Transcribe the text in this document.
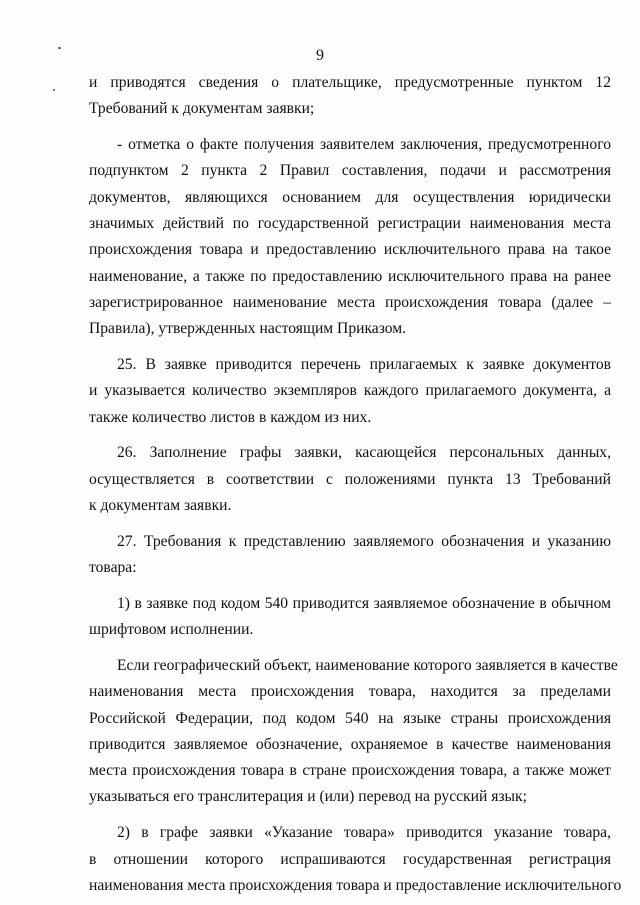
9
и приводятся сведения о плательщике, предусмотренные пунктом 12
Требований к документам заявки;
- отметка о факте получения заявителем заключения, предусмотренного
подпунктом 2 пункта 2 Правил составления, подачи и рассмотрения
документов, являющихся основанием для осуществления юридически
значимых действий по государственной регистрации наименования места
происхождения товара и предоставлению исключительного права на такое
наименование, а также по предоставлению исключительного права на ранее
зарегистрированное наименование места происхождения товара (далее –
Правила), утвержденных настоящим Приказом.
25. В заявке приводится перечень прилагаемых к заявке документов
и указывается количество экземпляров каждого прилагаемого документа, а
также количество листов в каждом из них.
26. Заполнение графы заявки, касающейся персональных данных,
осуществляется в соответствии с положениями пункта 13 Требований
к документам заявки.
27. Требования к представлению заявляемого обозначения и указанию
товара:
1) в заявке под кодом 540 приводится заявляемое обозначение в обычном
шрифтовом исполнении.
Если географический объект, наименование которого заявляется в качестве
наименования места происхождения товара, находится за пределами
Российской Федерации, под кодом 540 на языке страны происхождения
приводится заявляемое обозначение, охраняемое в качестве наименования
места происхождения товара в стране происхождения товара, а также может
указываться его транслитерация и (или) перевод на русский язык;
2) в графе заявки «Указание товара» приводится указание товара,
в отношении которого испрашиваются государственная регистрация
наименования места происхождения товара и предоставление исключительного
